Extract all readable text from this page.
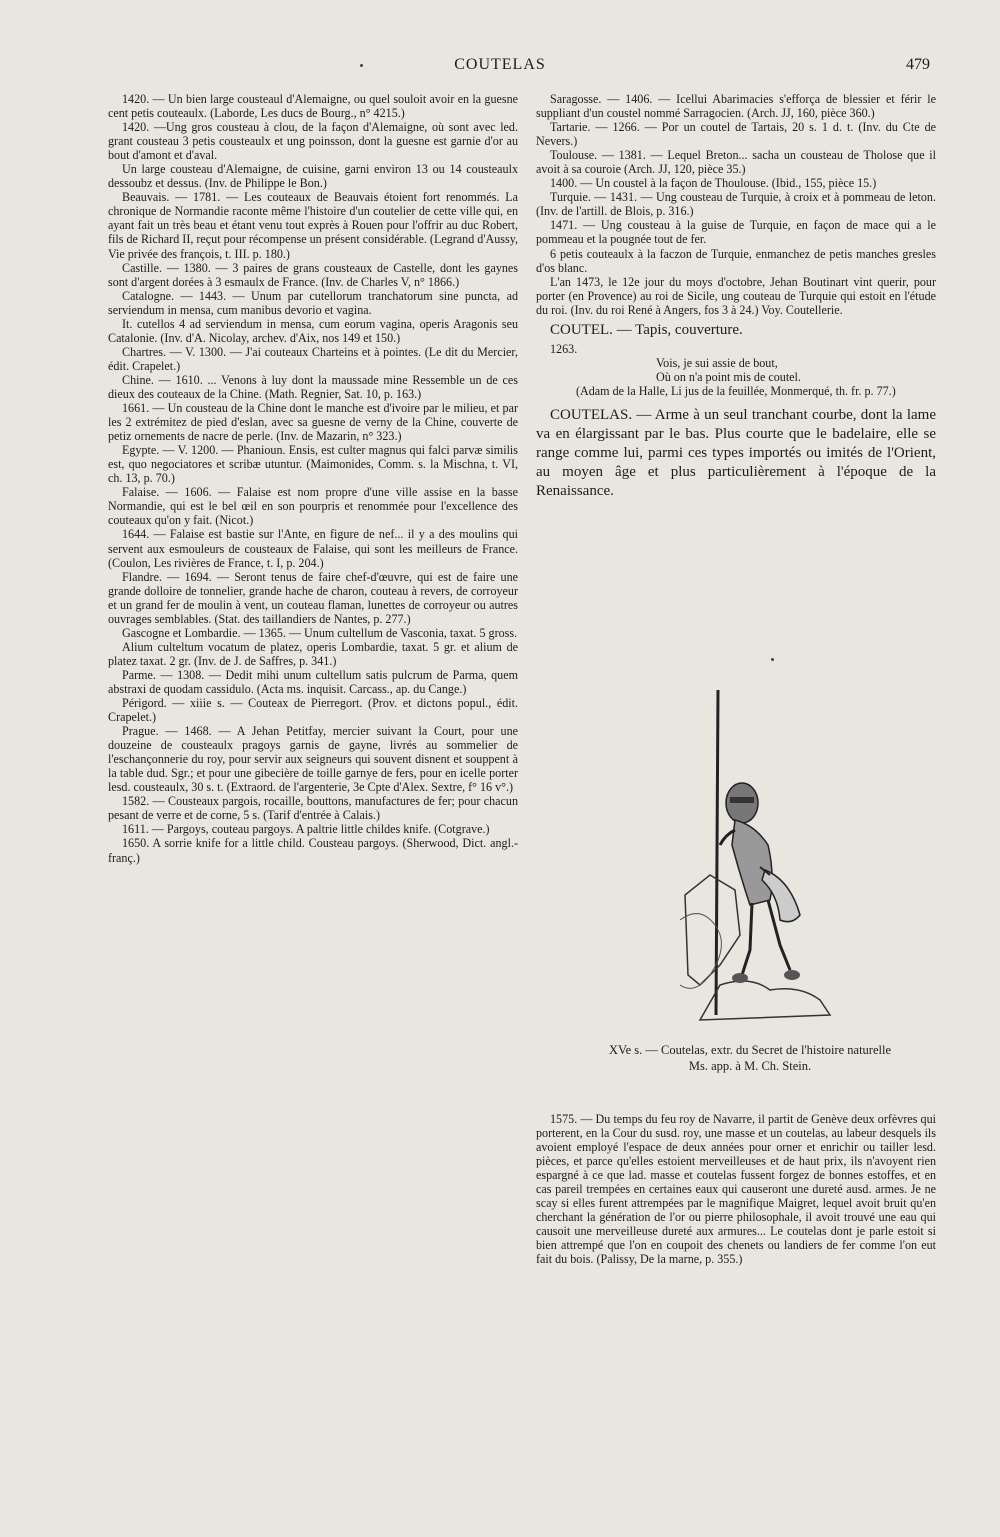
COUTELAS	479

1420. — Un bien large cousteaul d'Alemaigne, ou quel souloit avoir en la guesne cent petis couteaulx. (Laborde, Les ducs de Bourg., n° 4215.)

1420. —Ung gros cousteau à clou, de la façon d'Alemaigne, où sont avec led. grant cousteau 3 petis cousteaulx et ung poinsson, dont la guesne est garnie d'or au bout d'amont et d'aval.

Un large cousteau d'Alemaigne, de cuisine, garni environ 13 ou 14 cousteaulx dessoubz et dessus. (Inv. de Philippe le Bon.)

Beauvais. — 1781. — Les couteaux de Beauvais étoient fort renommés. La chronique de Normandie raconte même l'histoire d'un coutelier de cette ville qui, en ayant fait un très beau et étant venu tout exprès à Rouen pour l'offrir au duc Robert, fils de Richard II, reçut pour récompense un présent considérable. (Legrand d'Aussy, Vie privée des françois, t. III. p. 180.)

Castille. — 1380. — 3 paires de grans cousteaux de Castelle, dont les gaynes sont d'argent dorées à 3 esmaulx de France. (Inv. de Charles V, n° 1866.)

Catalogne. — 1443. — Unum par cutellorum tranchatorum sine puncta, ad serviendum in mensa, cum manibus devorio et vagina.

It. cutellos 4 ad serviendum in mensa, cum eorum vagina, operis Aragonis seu Catalonie. (Inv. d'A. Nicolay, archev. d'Aix, nos 149 et 150.)

Chartres. — V. 1300. — J'ai couteaux Charteins et à pointes. (Le dit du Mercier, édit. Crapelet.)

Chine. — 1610. ... Venons à luy dont la maussade mine Ressemble un de ces dieux des couteaux de la Chine. (Math. Regnier, Sat. 10, p. 163.)

1661. — Un cousteau de la Chine dont le manche est d'ivoire par le milieu, et par les 2 extrémitez de pied d'eslan, avec sa guesne de verny de la Chine, couverte de petiz ornements de nacre de perle. (Inv. de Mazarin, n° 323.)

Egypte. — V. 1200. — Phanioun. Ensis, est culter magnus qui falci parvæ similis est, quo negociatores et scribæ utuntur. (Maimonides, Comm. s. la Mischna, t. VI, ch. 13, p. 70.)

Falaise. — 1606. — Falaise est nom propre d'une ville assise en la basse Normandie, qui est le bel œil en son pourpris et renommée pour l'excellence des couteaux qu'on y fait. (Nicot.)

1644. — Falaise est bastie sur l'Ante, en figure de nef... il y a des moulins qui servent aux esmouleurs de cousteaux de Falaise, qui sont les meilleurs de France. (Coulon, Les rivières de France, t. I, p. 204.)

Flandre. — 1694. — Seront tenus de faire chef-d'œuvre, qui est de faire une grande dolloire de tonnelier, grande hache de charon, couteau à revers, de corroyeur et un grand fer de moulin à vent, un couteau flaman, lunettes de corroyeur ou autres ouvrages semblables. (Stat. des taillandiers de Nantes, p. 277.)

Gascogne et Lombardie. — 1365. — Unum cultellum de Vasconia, taxat. 5 gross.

Alium culteltum vocatum de platez, operis Lombardie, taxat. 5 gr. et alium de platez taxat. 2 gr. (Inv. de J. de Saffres, p. 341.)

Parme. — 1308. — Dedit mihi unum cultellum satis pulcrum de Parma, quem abstraxi de quodam cassidulo. (Acta ms. inquisit. Carcass., ap. du Cange.)

Périgord. — xiiie s. — Couteax de Pierregort. (Prov. et dictons popul., édit. Crapelet.)

Prague. — 1468. — A Jehan Petitfay, mercier suivant la Court, pour une douzeine de cousteaulx pragoys garnis de gayne, livrés au sommelier de l'eschançonnerie du roy, pour servir aux seigneurs qui souvent disnent et souppent à la table dud. Sgr.; et pour une gibecière de toille garnye de fers, pour en icelle porter lesd. cousteaulx, 30 s. t. (Extraord. de l'argenterie, 3e Cpte d'Alex. Sextre, f° 16 v°.)

1582. — Cousteaux pargois, rocaille, bouttons, manufactures de fer; pour chacun pesant de verre et de corne, 5 s. (Tarif d'entrée à Calais.)

1611. — Pargoys, couteau pargoys. A paltrie little childes knife. (Cotgrave.)

1650. A sorrie knife for a little child. Cousteau pargoys. (Sherwood, Dict. angl.-franç.)

Saragosse. — 1406. — Icellui Abarimacies s'efforça de blessier et férir le suppliant d'un coustel nommé Sarragocien. (Arch. JJ, 160, pièce 360.)

Tartarie. — 1266. — Por un coutel de Tartais, 20 s. 1 d. t. (Inv. du Cte de Nevers.)

Toulouse. — 1381. — Lequel Breton... sacha un cousteau de Tholose que il avoit à sa couroie (Arch. JJ, 120, pièce 35.)

1400. — Un coustel à la façon de Thoulouse. (Ibid., 155, pièce 15.)

Turquie. — 1431. — Ung cousteau de Turquie, à croix et à pommeau de leton. (Inv. de l'artill. de Blois, p. 316.)

1471. — Ung cousteau à la guise de Turquie, en façon de mace qui a le pommeau et la pougnée tout de fer.

6 petis couteaulx à la faczon de Turquie, enmanchez de petis manches gresles d'os blanc.

L'an 1473, le 12e jour du moys d'octobre, Jehan Boutinart vint querir, pour porter (en Provence) au roi de Sicile, ung couteau de Turquie qui estoit en l'étude du roi. (Inv. du roi René à Angers, fos 3 à 24.) Voy. Coutellerie.

COUTEL. — Tapis, couverture.

1263.

Vois, je sui assie de bout,

Où on n'a point mis de coutel.

(Adam de la Halle, Li jus de la feuillée, Monmerqué, th. fr. p. 77.)

COUTELAS. — Arme à un seul tranchant courbe, dont la lame va en élargissant par le bas. Plus courte que le badelaire, elle se range comme lui, parmi ces types importés ou imités de l'Orient, au moyen âge et plus particulièrement à l'époque de la Renaissance.

XVe s. — Coutelas, extr. du Secret de l'histoire naturelle
Ms. app. à M. Ch. Stein.

1575. — Du temps du feu roy de Navarre, il partit de Genève deux orfèvres qui porterent, en la Cour du susd. roy, une masse et un coutelas, au labeur desquels ils avoient employé l'espace de deux années pour orner et enrichir ou tailler lesd. pièces, et parce qu'elles estoient merveilleuses et de haut prix, ils n'avoyent rien espargné à ce que lad. masse et coutelas fussent forgez de bonnes estoffes, et en cas pareil trempées en certaines eaux qui causeront une dureté ausd. armes. Je ne scay si elles furent attrempées par le magnifique Maigret, lequel avoit bruit qu'en cherchant la génération de l'or ou pierre philosophale, il avoit trouvé une eau qui causoit une merveilleuse dureté aux armures... Le coutelas dont je parle estoit si bien attrempé que l'on en coupoit des chenets ou landiers de fer comme l'on eut fait du bois. (Palissy, De la marne, p. 355.)
